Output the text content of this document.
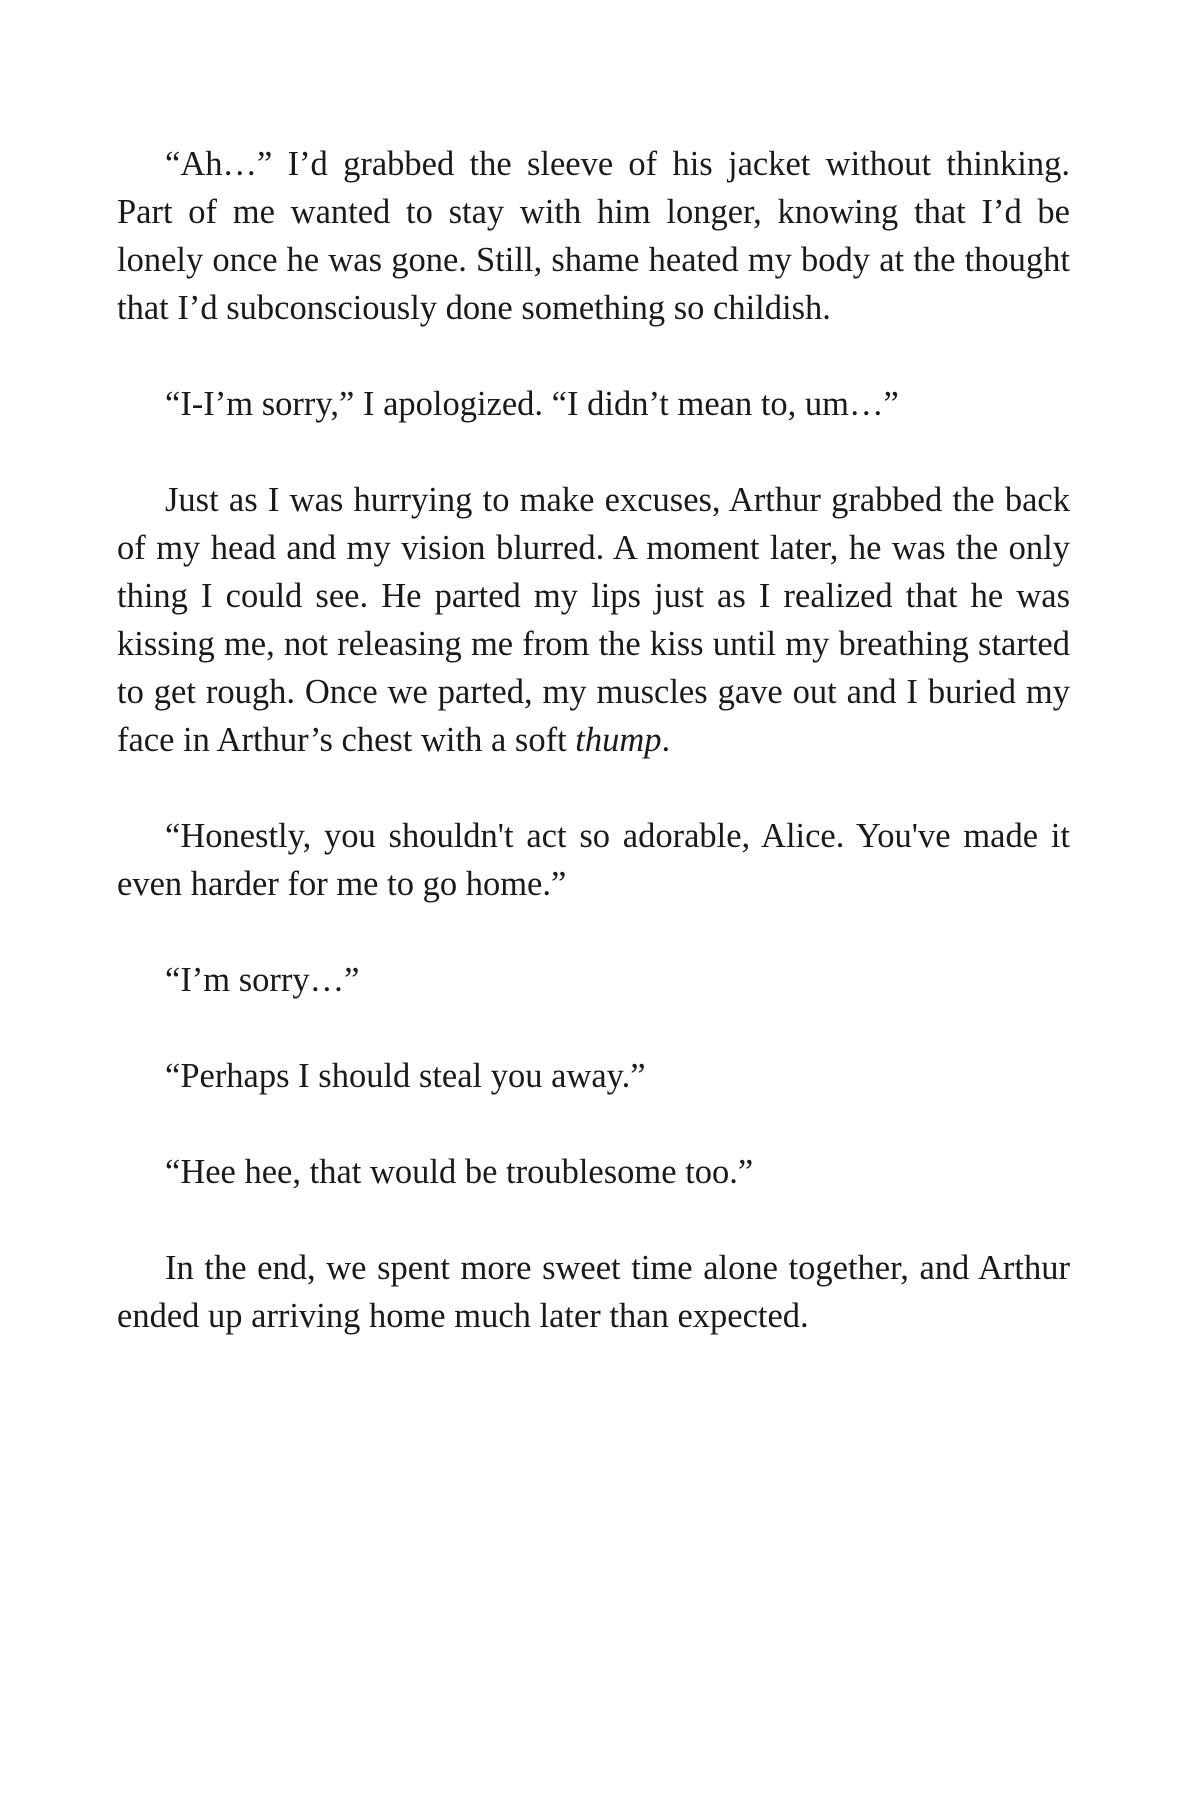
“Ah…” I’d grabbed the sleeve of his jacket without thinking. Part of me wanted to stay with him longer, knowing that I’d be lonely once he was gone. Still, shame heated my body at the thought that I’d subconsciously done something so childish.

“I-I’m sorry,” I apologized. “I didn’t mean to, um…”

Just as I was hurrying to make excuses, Arthur grabbed the back of my head and my vision blurred. A moment later, he was the only thing I could see. He parted my lips just as I realized that he was kissing me, not releasing me from the kiss until my breathing started to get rough. Once we parted, my muscles gave out and I buried my face in Arthur’s chest with a soft thump.

“Honestly, you shouldn't act so adorable, Alice. You've made it even harder for me to go home.”

“I’m sorry…”

“Perhaps I should steal you away.”

“Hee hee, that would be troublesome too.”

In the end, we spent more sweet time alone together, and Arthur ended up arriving home much later than expected.
